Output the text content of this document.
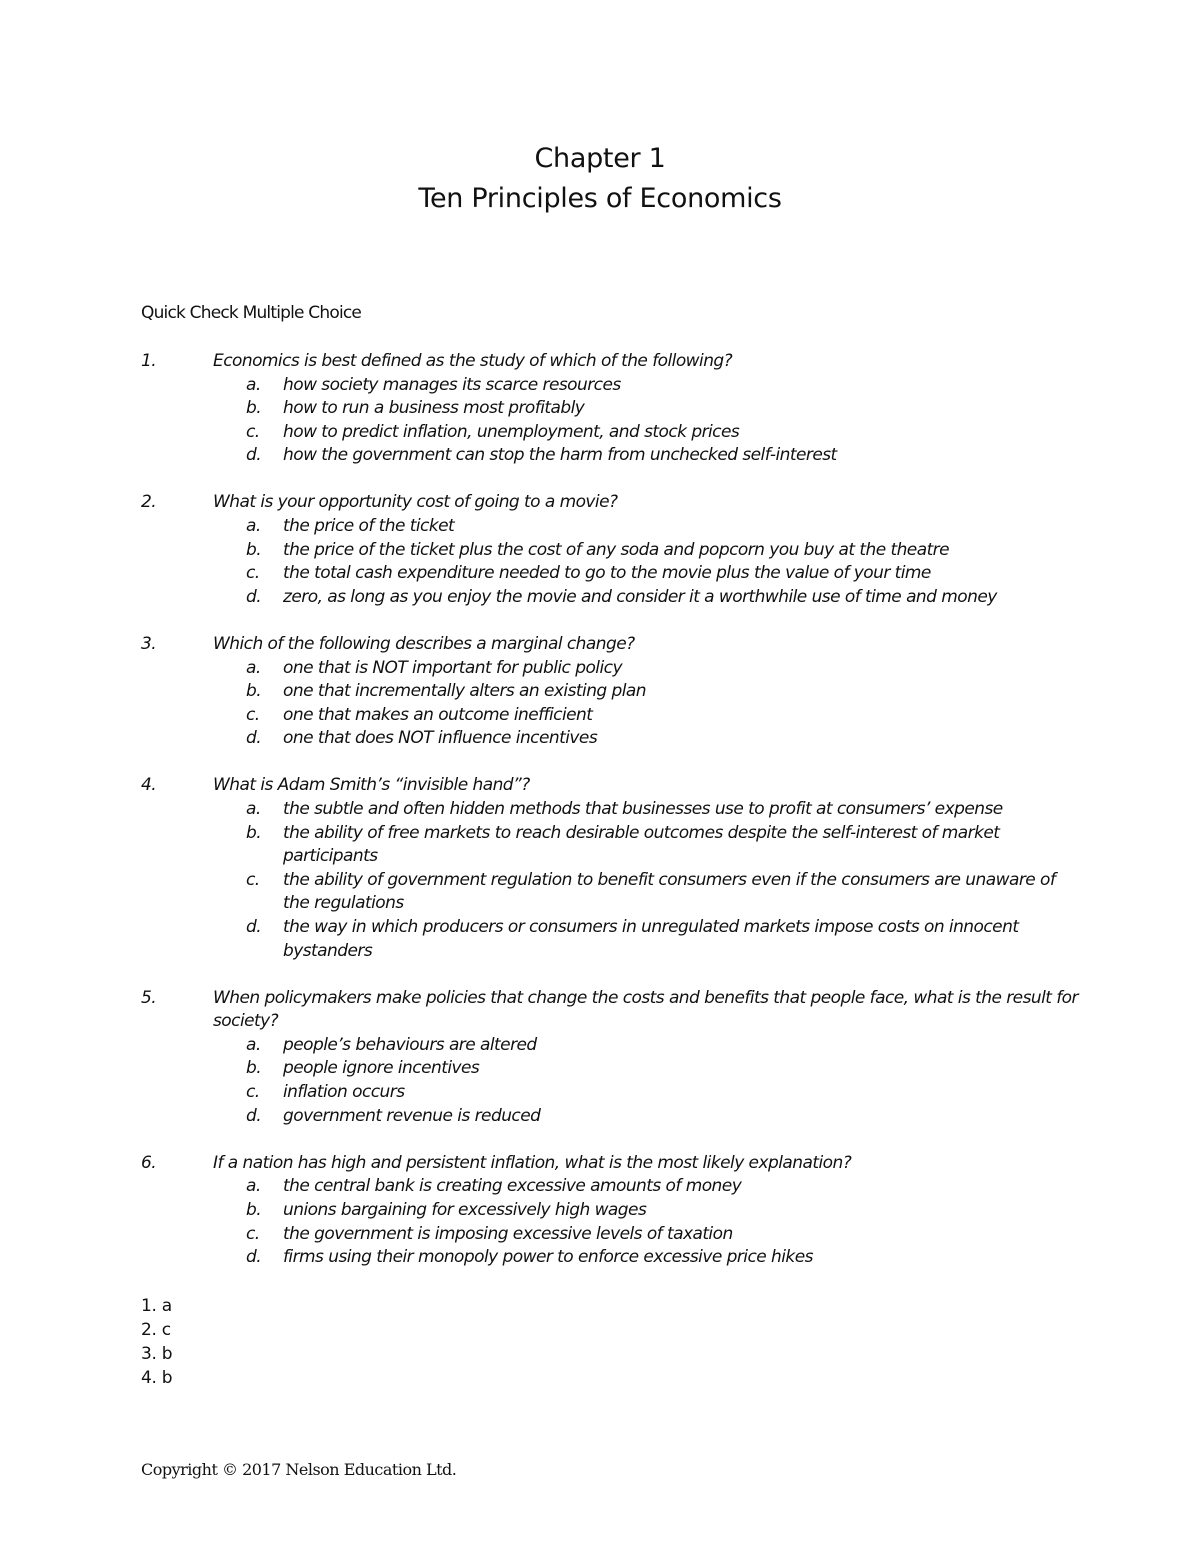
Chapter 1
Ten Principles of Economics
Quick Check Multiple Choice
1.	Economics is best defined as the study of which of the following?
a.	how society manages its scarce resources
b.	how to run a business most profitably
c.	how to predict inflation, unemployment, and stock prices
d.	how the government can stop the harm from unchecked self-interest
2.	What is your opportunity cost of going to a movie?
a.	the price of the ticket
b.	the price of the ticket plus the cost of any soda and popcorn you buy at the theatre
c.	the total cash expenditure needed to go to the movie plus the value of your time
d.	zero, as long as you enjoy the movie and consider it a worthwhile use of time and money
3.	Which of the following describes a marginal change?
a.	one that is NOT important for public policy
b.	one that incrementally alters an existing plan
c.	one that makes an outcome inefficient
d.	one that does NOT influence incentives
4.	What is Adam Smith’s “invisible hand”?
a.	the subtle and often hidden methods that businesses use to profit at consumers’ expense
b.	the ability of free markets to reach desirable outcomes despite the self-interest of market participants
c.	the ability of government regulation to benefit consumers even if the consumers are unaware of the regulations
d.	the way in which producers or consumers in unregulated markets impose costs on innocent bystanders
5.	When policymakers make policies that change the costs and benefits that people face, what is the result for society?
a.	people’s behaviours are altered
b.	people ignore incentives
c.	inflation occurs
d.	government revenue is reduced
6.	If a nation has high and persistent inflation, what is the most likely explanation?
a.	the central bank is creating excessive amounts of money
b.	unions bargaining for excessively high wages
c.	the government is imposing excessive levels of taxation
d.	firms using their monopoly power to enforce excessive price hikes
1. a
2. c
3. b
4. b
Copyright © 2017 Nelson Education Ltd.
